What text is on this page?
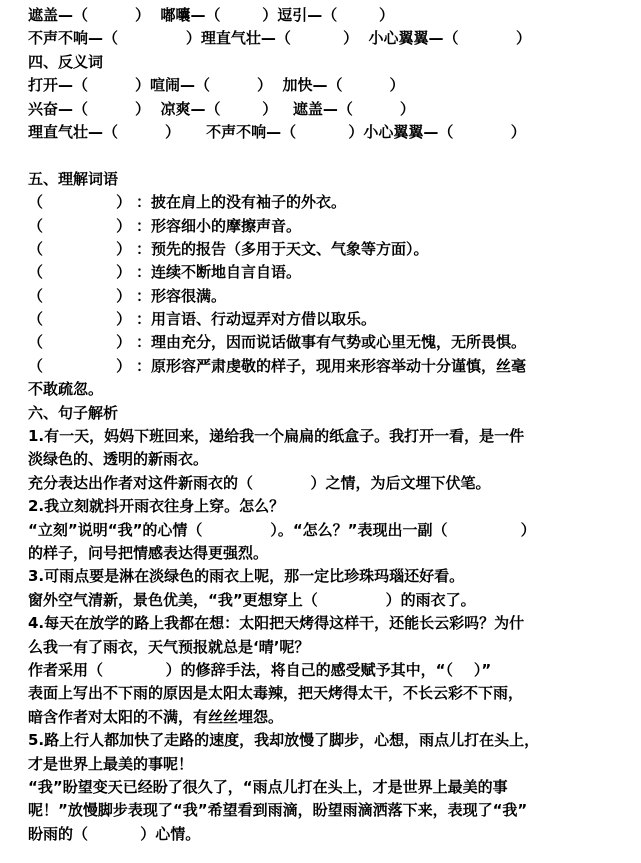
遮盖—（         ）  嘟囔—（        ）逗引—（        ）
不声不响—（             ）理直气壮—（          ）  小心翼翼—（           ）
四、反义词
打开—（         ）喧闹—（         ）  加快—（         ）
兴奋—（         ）  凉爽—（        ）   遮盖—（         ）
理直气壮—（         ）     不声不响—（          ）小心翼翼—（           ）
五、理解词语
（              ） ：披在肩上的没有袖子的外衣。
（              ） ：形容细小的摩擦声音。
（              ） ：预先的报告（多用于天文、气象等方面）。
（              ） ：连续不断地自言自语。
（              ） ：形容很满。
（              ） ：用言语、行动逗弄对方借以取乐。
（              ） ：理由充分，因而说话做事有气势或心里无愧，无所畏惧。
（              ） ：原形容严肃虔敬的样子，现用来形容举动十分谨慎，丝毫
不敢疏忽。
六、句子解析
1.有一天，妈妈下班回来，递给我一个扁扁的纸盒子。我打开一看，是一件
淡绿色的、透明的新雨衣。
充分表达出作者对这件新雨衣的（           ）之情，为后文埋下伏笔。
2.我立刻就抖开雨衣往身上穿。怎么？
“立刻”说明“我”的心情（             ）。“怎么？”表现出一副（              ）
的样子，问号把情感表达得更强烈。
3.可雨点要是淋在淡绿色的雨衣上呢，那一定比珍珠玛瑙还好看。
窗外空气清新，景色优美，“我”更想穿上（             ）的雨衣了。
4.每天在放学的路上我都在想：太阳把天烤得这样干，还能长云彩吗？为什
么我一有了雨衣，天气预报就总是‘晴’呢？
作者采用（            ）的修辞手法，将自己的感受赋予其中，“（    ）”
表面上写出不下雨的原因是太阳太毒辣，把天烤得太干，不长云彩不下雨，
暗含作者对太阳的不满，有丝丝埋怨。
5.路上行人都加快了走路的速度，我却放慢了脚步，心想，雨点儿打在头上，
才是世界上最美的事呢！
“我”盼望变天已经盼了很久了，“雨点儿打在头上，才是世界上最美的事
呢！”放慢脚步表现了“我”希望看到雨滴，盼望雨滴洒落下来，表现了“我”
盼雨的（          ）心情。
